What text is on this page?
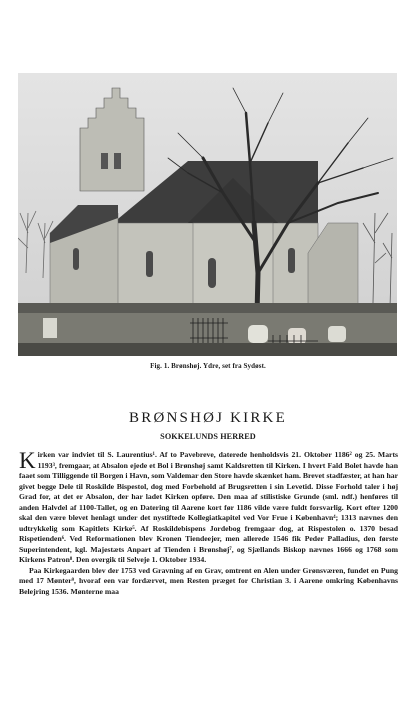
Fig. 1. Brønshøj. Ydre, set fra Sydøst.
BRØNSHØJ KIRKE
SOKKELUNDS HERRED

Kirken var indviet til S. Laurentius¹. Af to Pavebreve, daterede henholdsvis 21. Oktober 1186² og 25. Marts 1193³, fremgaar, at Absalon ejede et Bol i Brønshøj samt Kaldsretten til Kirken. I hvert Fald Bolet havde han faaet som Tilliggende til Borgen i Havn, som Valdemar den Store havde skænket ham. Brevet stadfæster, at han har givet begge Dele til Roskilde Bispestol, dog med Forbehold af Brugsretten i sin Levetid. Disse Forhold taler i høj Grad for, at det er Absalon, der har ladet Kirken opføre. Den maa af stilistiske Grunde (sml. ndf.) henføres til anden Halvdel af 1100-Tallet, og en Datering til Aarene kort før 1186 vilde være fuldt forsvarlig. Kort efter 1200 skal den være blevet henlagt under det nystiftede Kollegiatkapitel ved Vor Frue i København⁴; 1313 nævnes den udtrykkelig som Kapitlets Kirke⁵. Af Roskildebispens Jordebog fremgaar dog, at Rispestolen o. 1370 besad Rispetienden⁶. Ved Reformationen blev Kronen Tiendeejer, men allerede 1546 fik Peder Palladius, den første Superintendent, kgl. Majestæts Anpart af Tienden i Brønshøj⁷, og Sjællands Biskop nævnes 1666 og 1768 som Kirkens Patron⁸. Den overgik til Selveje 1. Oktober 1934.

Paa Kirkegaarden blev der 1753 ved Gravning af en Grav, omtrent en Alen under Grønsværen, fundet en Pung med 17 Mønter⁹, hvoraf een var fordærvet, men Resten præget for Christian 3. i Aarene omkring Københavns Belejring 1536. Mønterne maa
